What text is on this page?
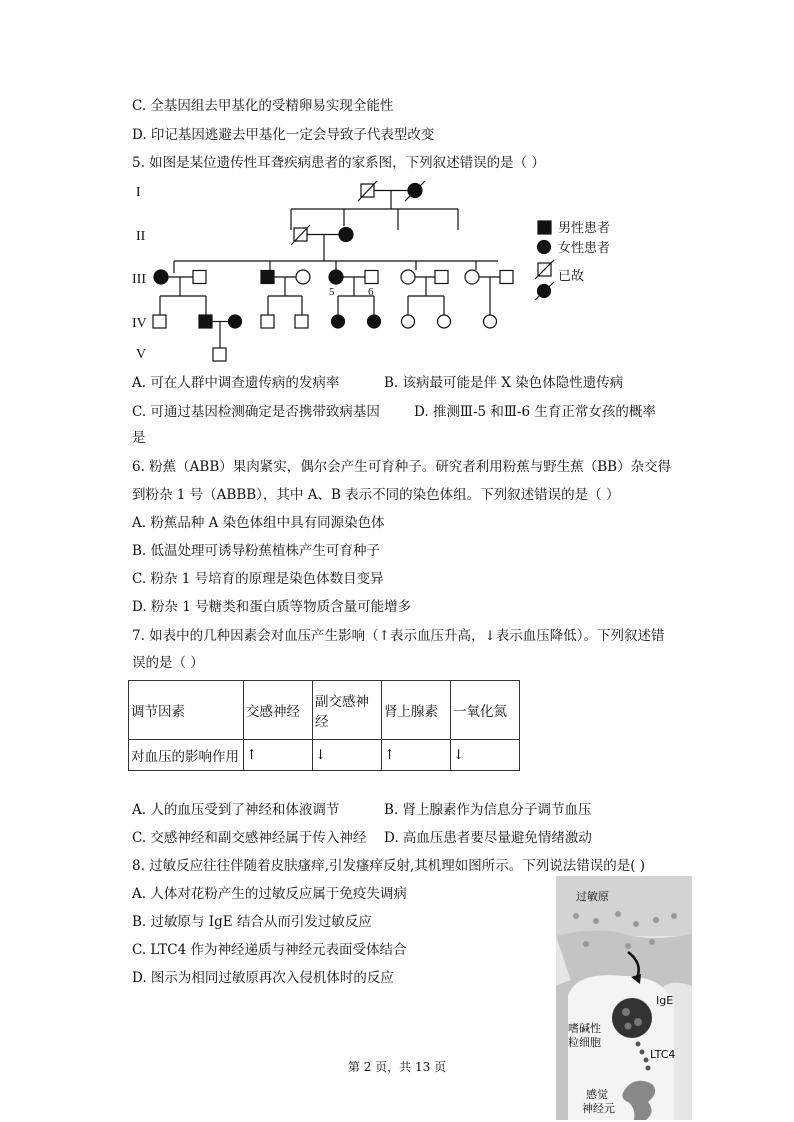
C. 全基因组去甲基化的受精卵易实现全能性
D. 印记基因逃避去甲基化一定会导致子代表型改变
5. 如图是某位遗传性耳聋疾病患者的家系图，下列叙述错误的是（ ）
I
II
III
IV
V
5	6
男性患者
女性患者
已故
A. 可在人群中调查遗传病的发病率	B. 该病最可能是伴 X 染色体隐性遗传病
C. 可通过基因检测确定是否携带致病基因	D. 推测Ⅲ-5 和Ⅲ-6 生育正常女孩的概率
是
6. 粉蕉（ABB）果肉紧实，偶尔会产生可育种子。研究者利用粉蕉与野生蕉（BB）杂交得
到粉杂 1 号（ABBB），其中 A、B 表示不同的染色体组。下列叙述错误的是（ ）
A. 粉蕉品种 A 染色体组中具有同源染色体
B. 低温处理可诱导粉蕉植株产生可育种子
C. 粉杂 1 号培育的原理是染色体数目变异
D. 粉杂 1 号糖类和蛋白质等物质含量可能增多
7. 如表中的几种因素会对血压产生影响（↑表示血压升高，↓表示血压降低）。下列叙述错
误的是（ ）
调节因素	交感神经	副交感神
经	肾上腺素	一氧化氮
对血压的影响作用	↑	↓	↑	↓
A. 人的血压受到了神经和体液调节	B. 肾上腺素作为信息分子调节血压
C. 交感神经和副交感神经属于传入神经 D. 高血压患者要尽量避免情绪激动
8. 过敏反应往往伴随着皮肤瘙痒,引发瘙痒反射,其机理如图所示。下列说法错误的是( )
A. 人体对花粉产生的过敏反应属于免疫失调病
B. 过敏原与 IgE 结合从而引发过敏反应
C. LTC4 作为神经递质与神经元表面受体结合
D. 图示为相同过敏原再次入侵机体时的反应
过敏原
IgE
嗜碱性
粒细胞
LTC4
感觉
神经元
第 2 页，共 13 页
